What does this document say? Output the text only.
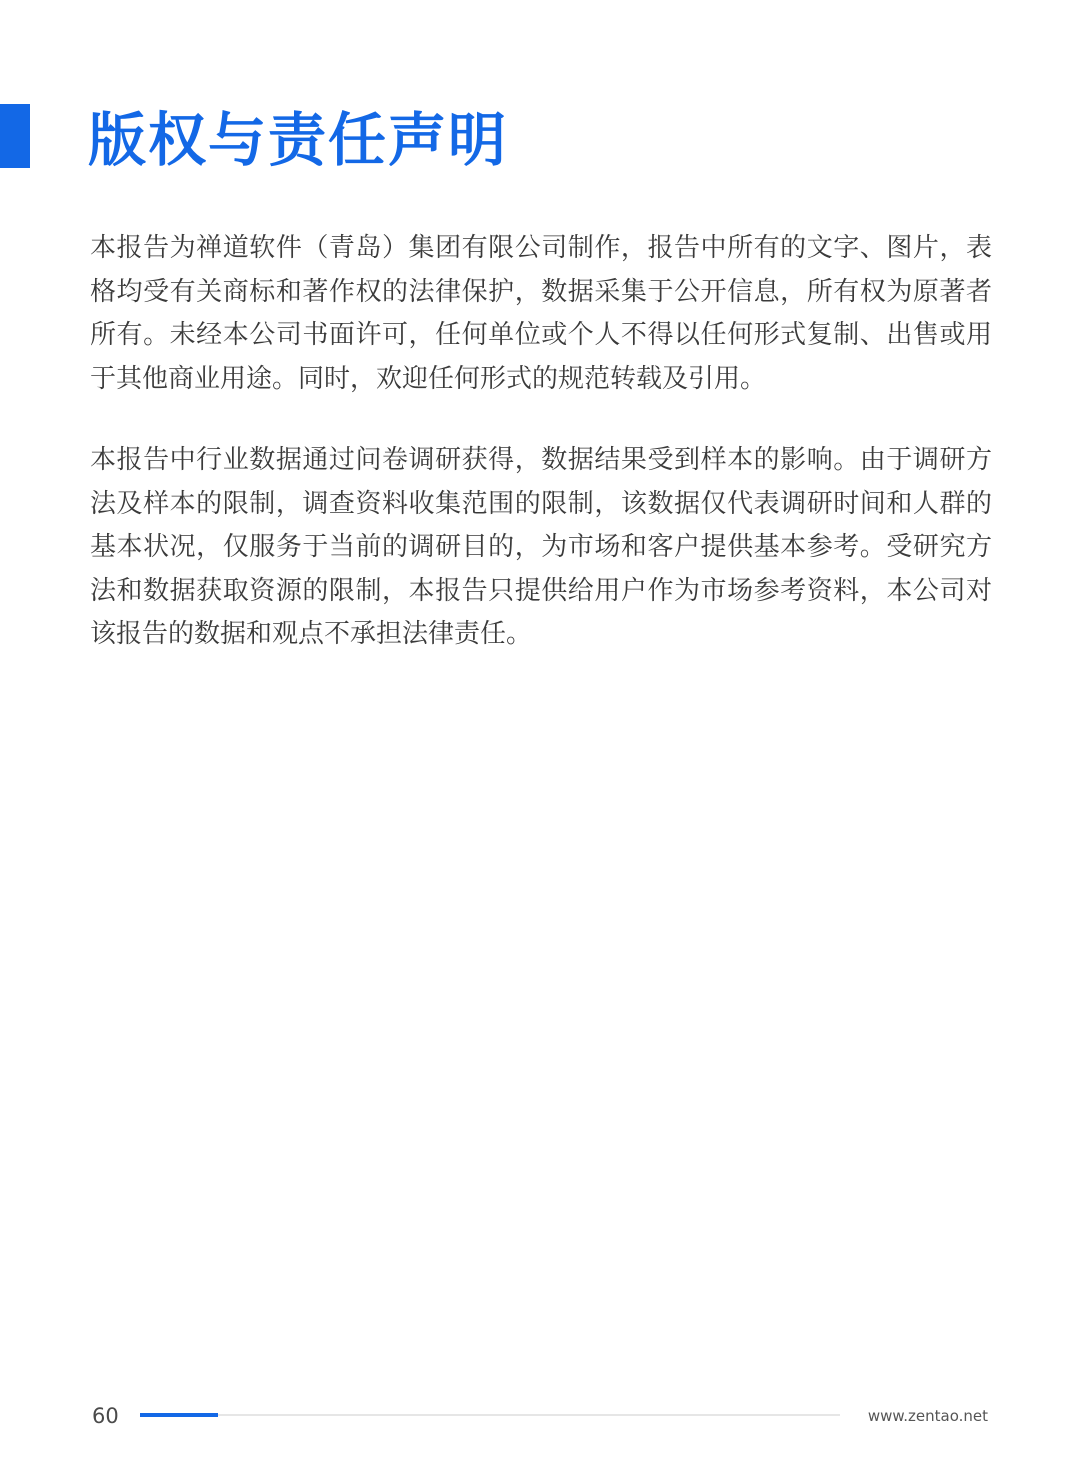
版权与责任声明

本报告为禅道软件（青岛）集团有限公司制作，报告中所有的文字、图片，表格均受有关商标和著作权的法律保护，数据采集于公开信息，所有权为原著者所有。未经本公司书面许可，任何单位或个人不得以任何形式复制、出售或用于其他商业用途。同时，欢迎任何形式的规范转载及引用。

本报告中行业数据通过问卷调研获得，数据结果受到样本的影响。由于调研方法及样本的限制，调查资料收集范围的限制，该数据仅代表调研时间和人群的基本状况，仅服务于当前的调研目的，为市场和客户提供基本参考。受研究方法和数据获取资源的限制，本报告只提供给用户作为市场参考资料，本公司对该报告的数据和观点不承担法律责任。

60	www.zentao.net
